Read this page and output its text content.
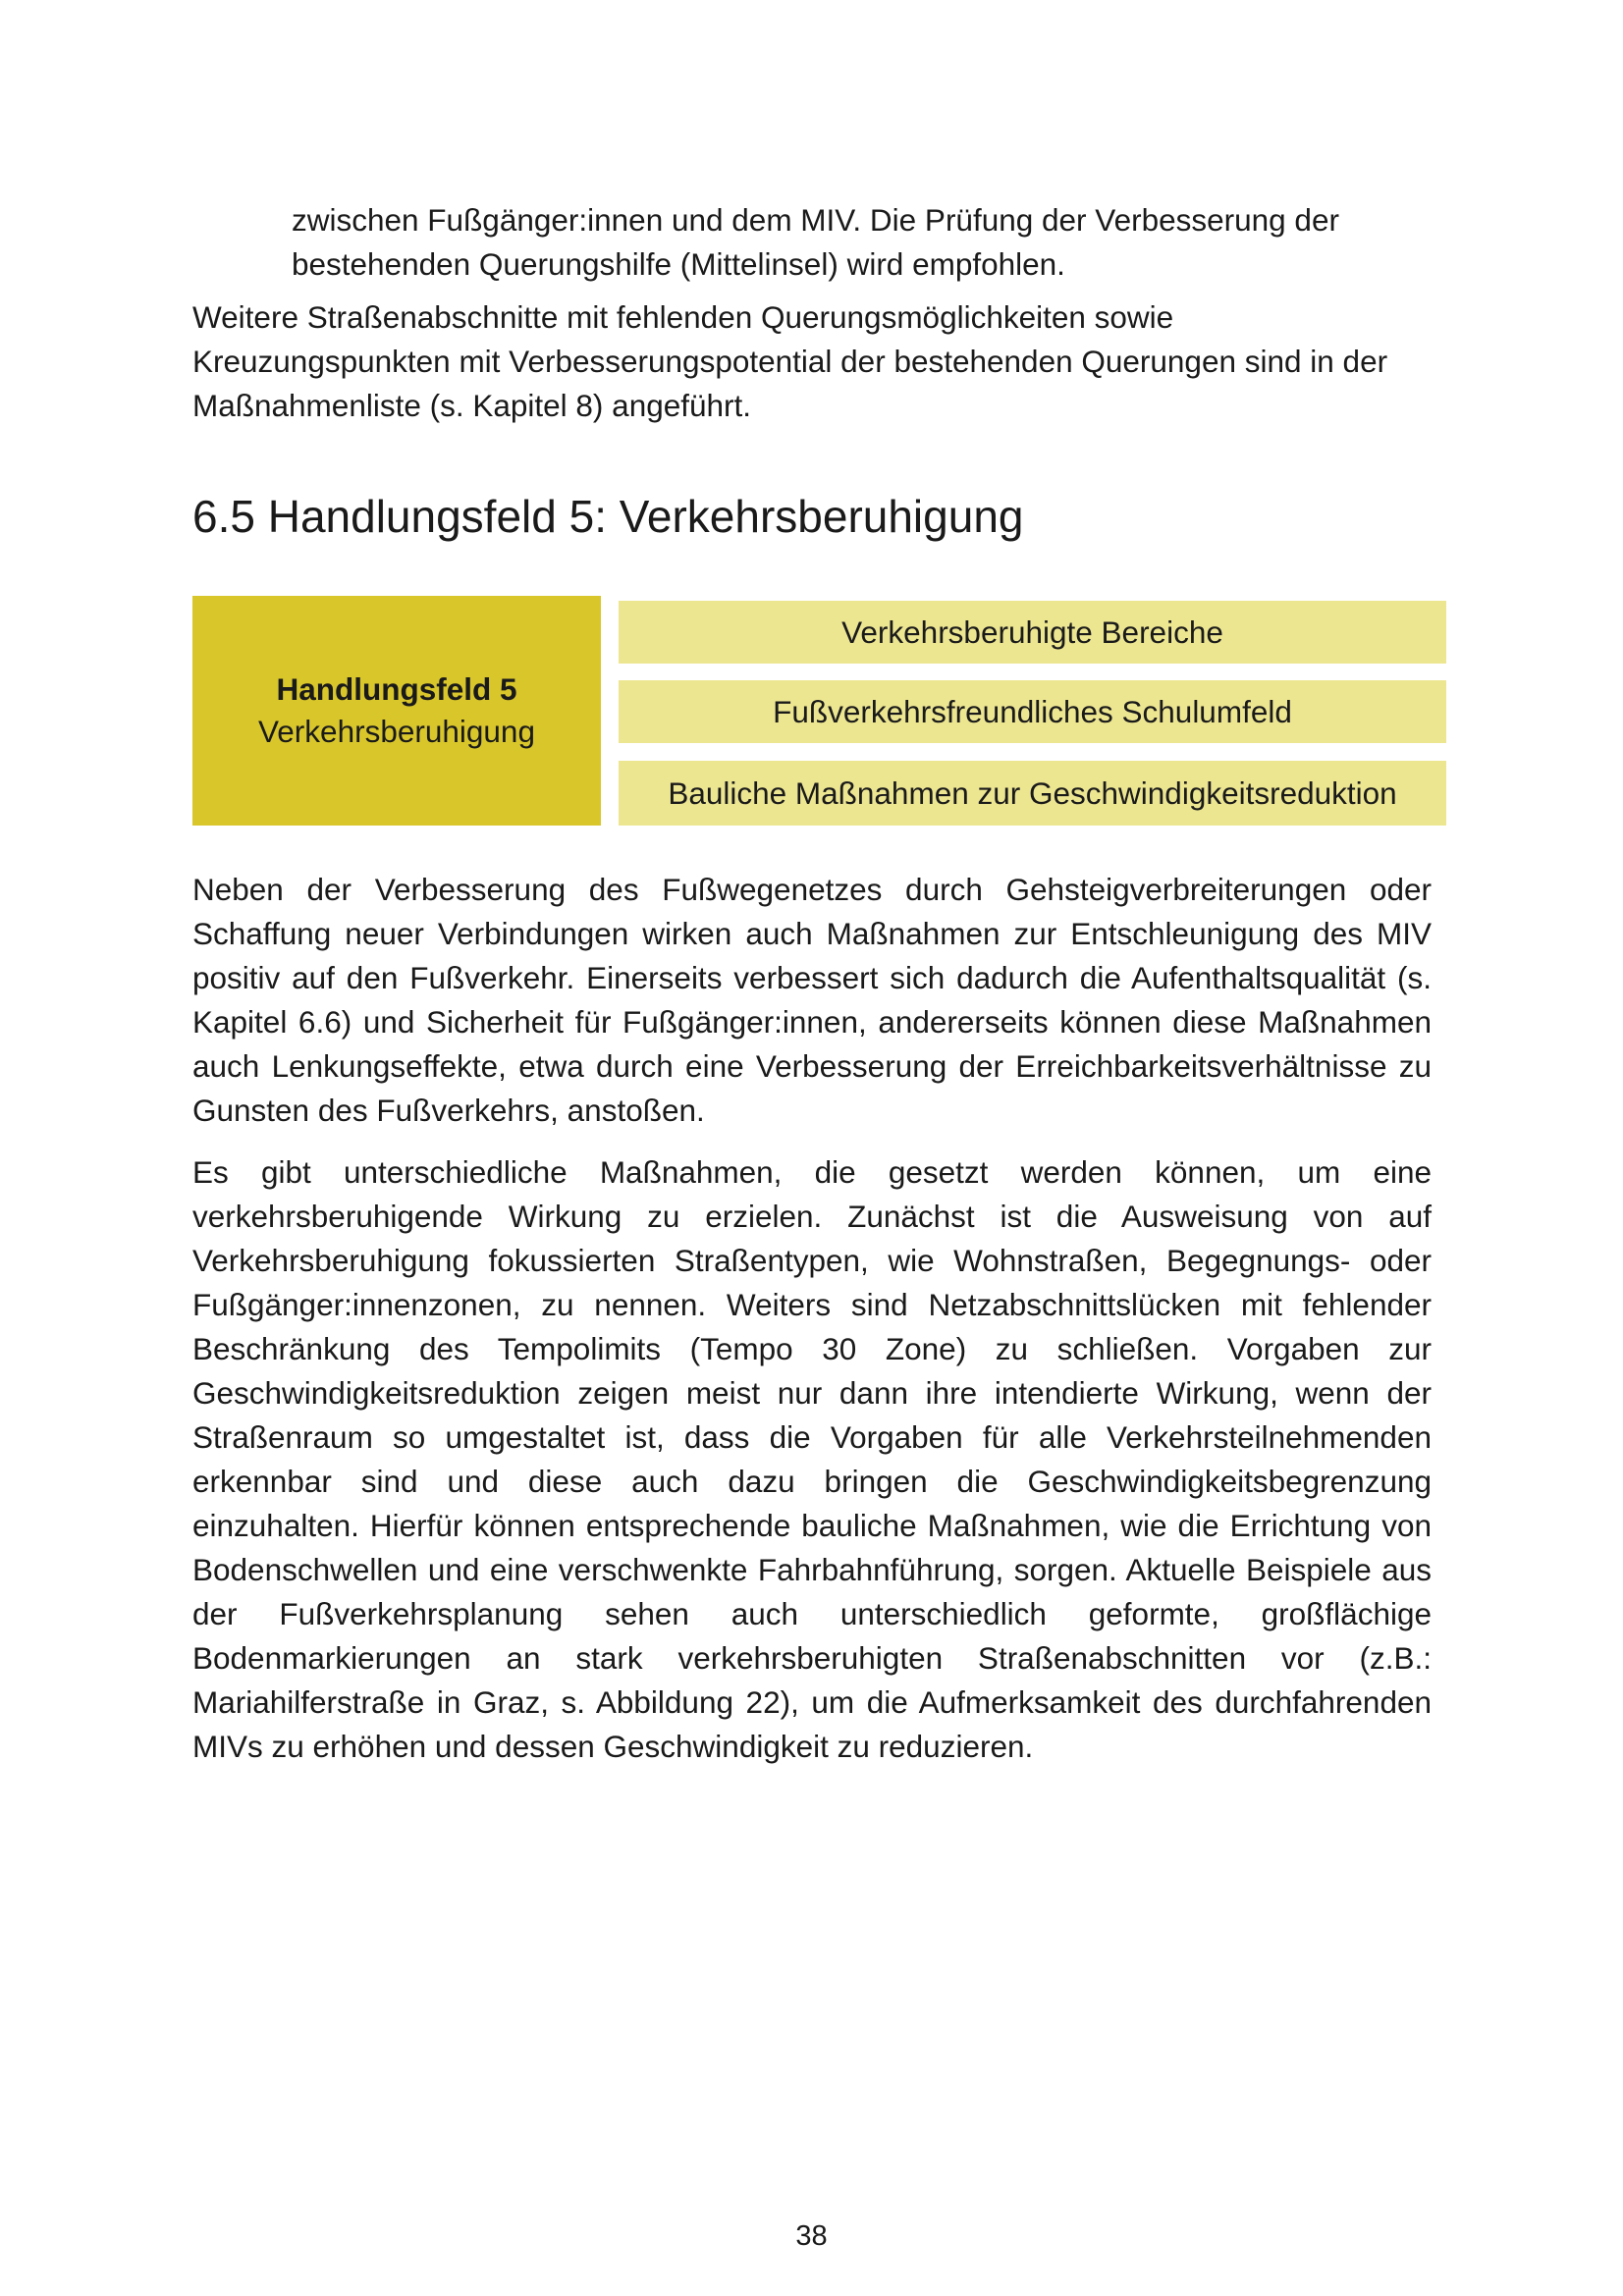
zwischen Fußgänger:innen und dem MIV. Die Prüfung der Verbesserung der bestehenden Querungshilfe (Mittelinsel) wird empfohlen.

Weitere Straßenabschnitte mit fehlenden Querungsmöglichkeiten sowie Kreuzungspunkten mit Verbesserungspotential der bestehenden Querungen sind in der Maßnahmenliste (s. Kapitel 8) angeführt.

6.5 Handlungsfeld 5: Verkehrsberuhigung
Handlungsfeld 5
Verkehrsberuhigung
Verkehrsberuhigte Bereiche
Fußverkehrsfreundliches Schulumfeld
Bauliche Maßnahmen zur Geschwindigkeitsreduktion

Neben der Verbesserung des Fußwegenetzes durch Gehsteigverbreiterungen oder Schaffung neuer Verbindungen wirken auch Maßnahmen zur Entschleunigung des MIV positiv auf den Fußverkehr. Einerseits verbessert sich dadurch die Aufenthaltsqualität (s. Kapitel 6.6) und Sicherheit für Fußgänger:innen, andererseits können diese Maßnahmen auch Lenkungseffekte, etwa durch eine Verbesserung der Erreichbarkeitsverhältnisse zu Gunsten des Fußverkehrs, anstoßen.

Es gibt unterschiedliche Maßnahmen, die gesetzt werden können, um eine verkehrsberuhigende Wirkung zu erzielen. Zunächst ist die Ausweisung von auf Verkehrsberuhigung fokussierten Straßentypen, wie Wohnstraßen, Begegnungs- oder Fußgänger:innenzonen, zu nennen. Weiters sind Netzabschnittslücken mit fehlender Beschränkung des Tempolimits (Tempo 30 Zone) zu schließen. Vorgaben zur Geschwindigkeitsreduktion zeigen meist nur dann ihre intendierte Wirkung, wenn der Straßenraum so umgestaltet ist, dass die Vorgaben für alle Verkehrsteilnehmenden erkennbar sind und diese auch dazu bringen die Geschwindigkeitsbegrenzung einzuhalten. Hierfür können entsprechende bauliche Maßnahmen, wie die Errichtung von Bodenschwellen und eine verschwenkte Fahrbahnführung, sorgen. Aktuelle Beispiele aus der Fußverkehrsplanung sehen auch unterschiedlich geformte, großflächige Bodenmarkierungen an stark verkehrsberuhigten Straßenabschnitten vor (z.B.: Mariahilferstraße in Graz, s. Abbildung 22), um die Aufmerksamkeit des durchfahrenden MIVs zu erhöhen und dessen Geschwindigkeit zu reduzieren.

38
